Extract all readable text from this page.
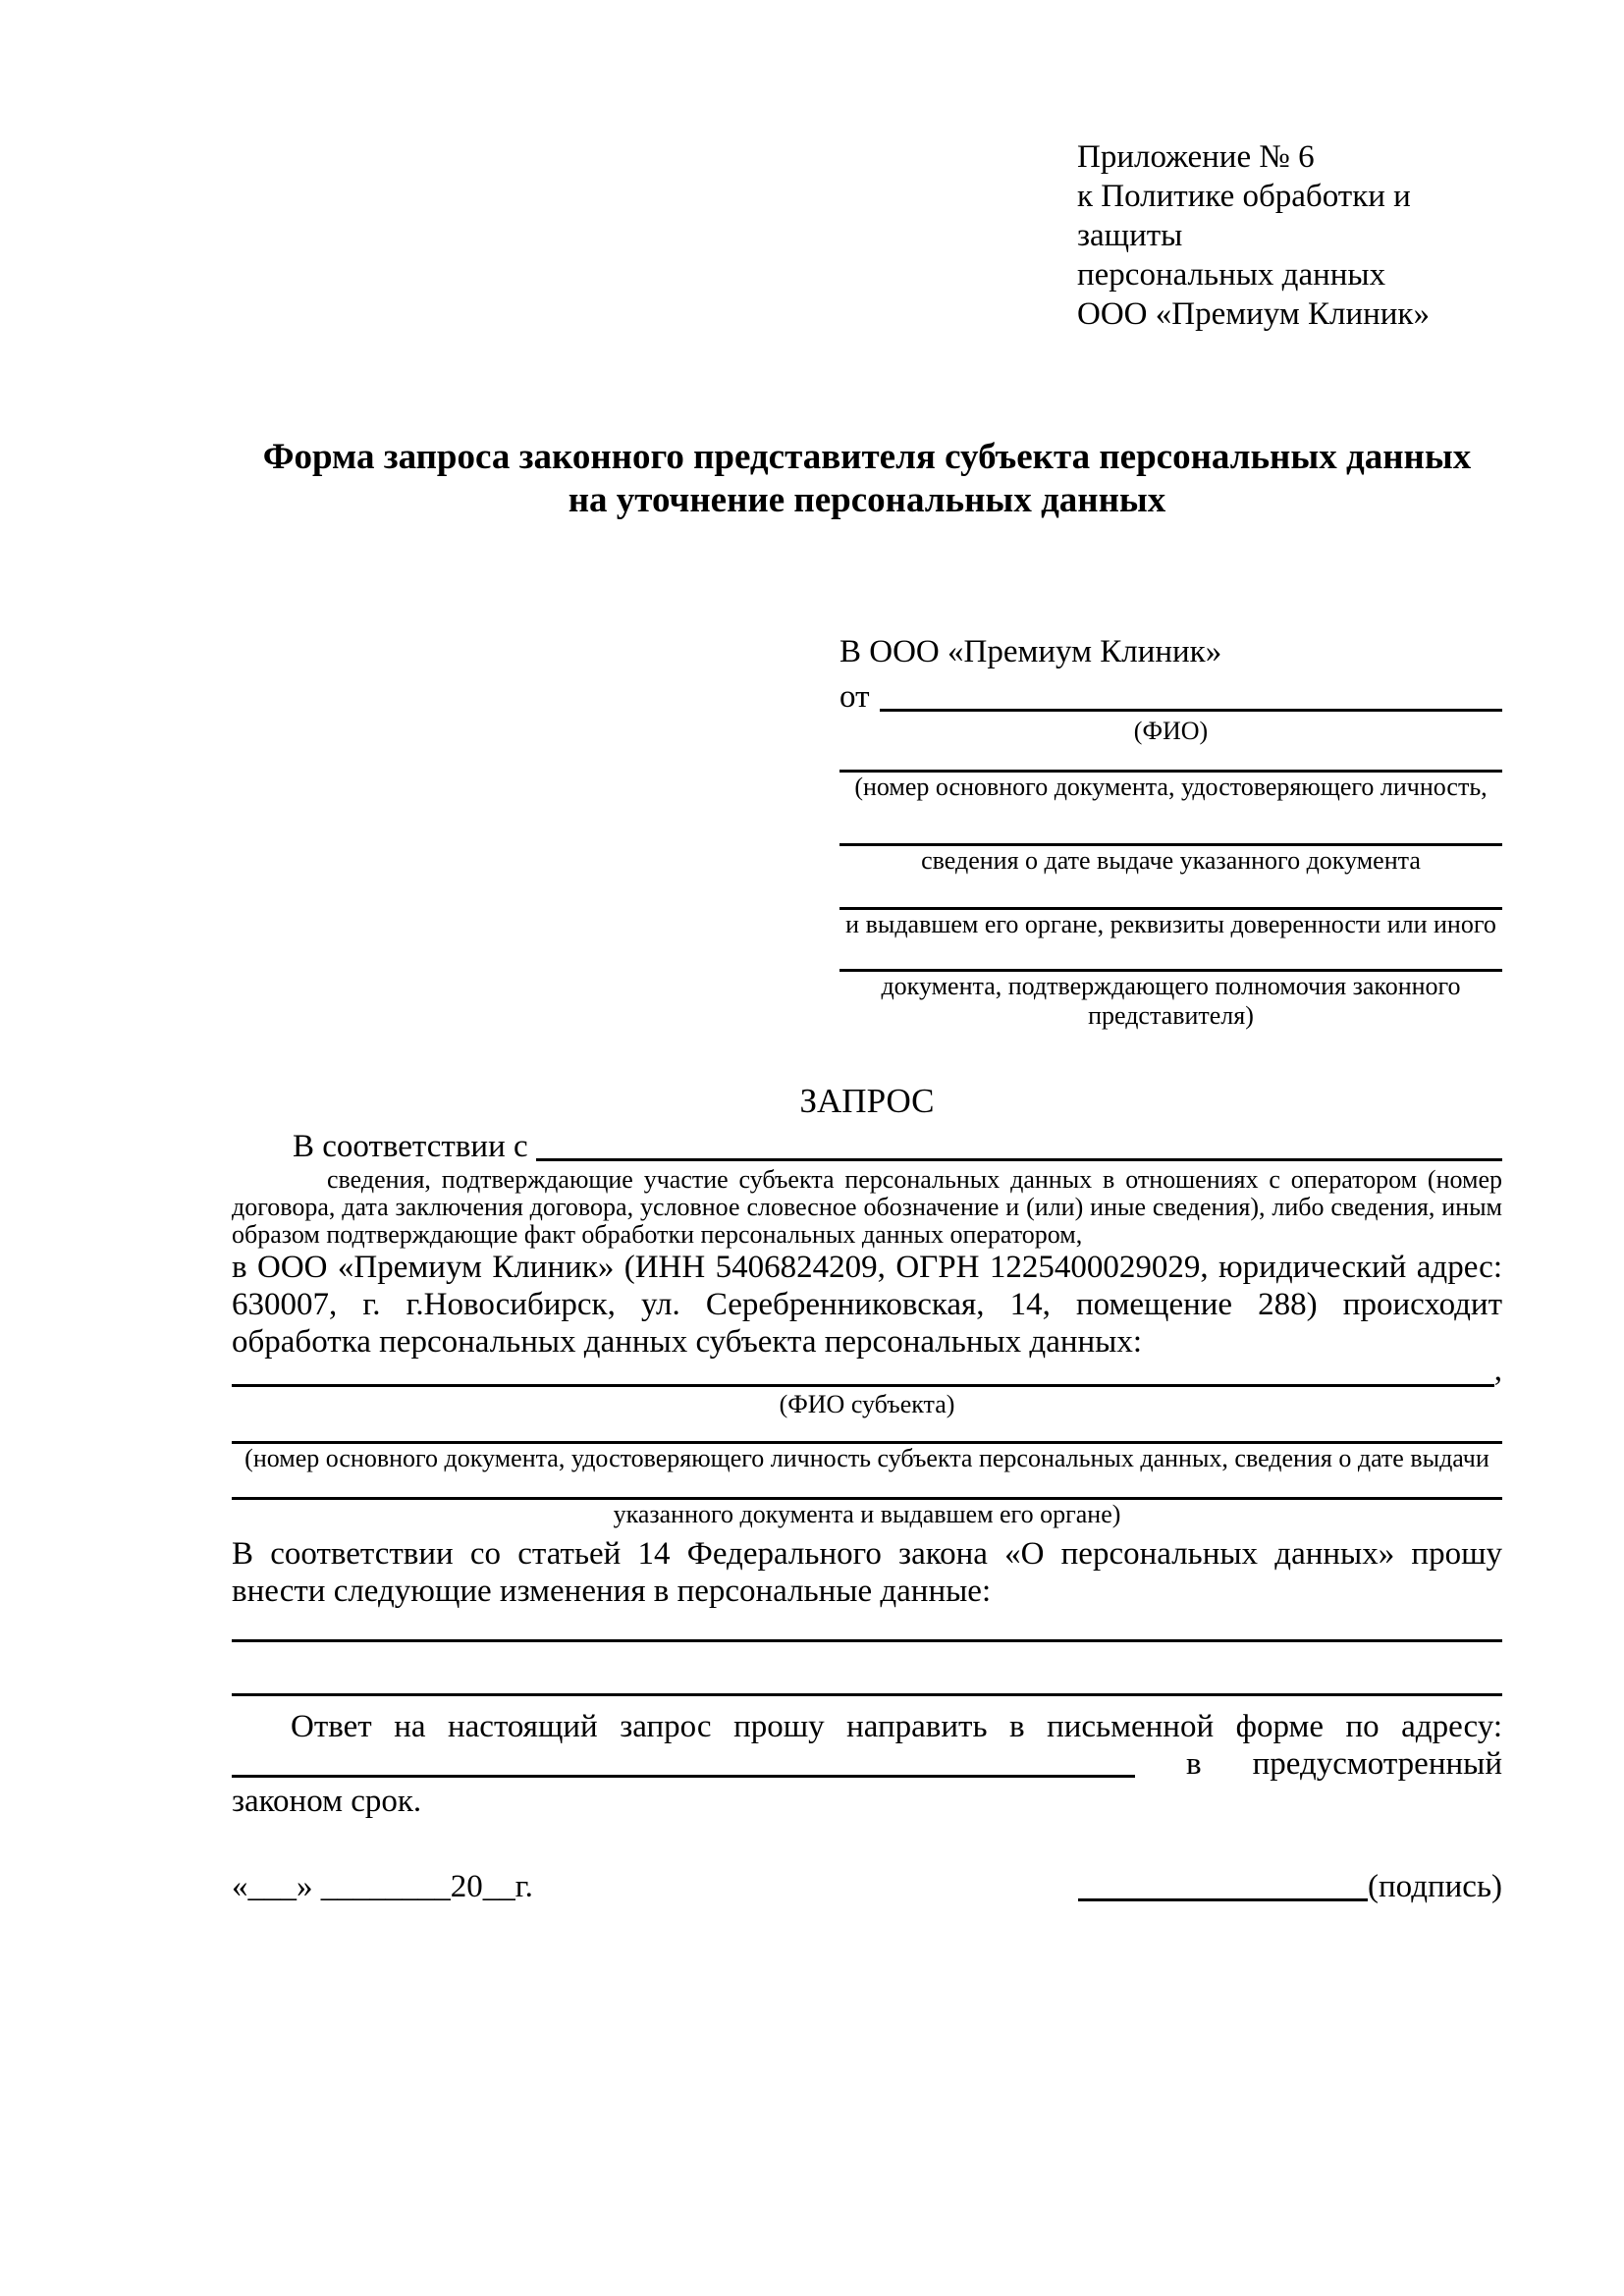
Приложение № 6
к Политике обработки и защиты
персональных данных
ООО «Премиум Клиник»
Форма запроса законного представителя субъекта персональных данных
на уточнение персональных данных
В ООО «Премиум Клиник»
от
(ФИО)
(номер основного документа, удостоверяющего личность,
сведения о дате выдаче указанного документа
и выдавшем его органе, реквизиты доверенности или иного
документа, подтверждающего полномочия законного представителя)
ЗАПРОС
В соответствии с
сведения, подтверждающие участие субъекта персональных данных в отношениях с оператором (номер договора, дата заключения договора, условное словесное обозначение и (или) иные сведения), либо сведения, иным образом подтверждающие факт обработки персональных данных оператором,
в ООО «Премиум Клиник» (ИНН 5406824209, ОГРН 1225400029029, юридический адрес: 630007, г. г.Новосибирск, ул. Серебренниковская, 14, помещение 288) происходит обработка персональных данных субъекта персональных данных:
,
(ФИО субъекта)
(номер основного документа, удостоверяющего личность субъекта персональных данных, сведения о дате выдачи
указанного документа и выдавшем его органе)
В соответствии со статьей 14 Федерального закона «О персональных данных» прошу внести следующие изменения в персональные данные:
Ответ на настоящий запрос прошу направить в письменной форме по адресу:
в предусмотренный
законом срок.
«___» ________20__г.	(подпись)
